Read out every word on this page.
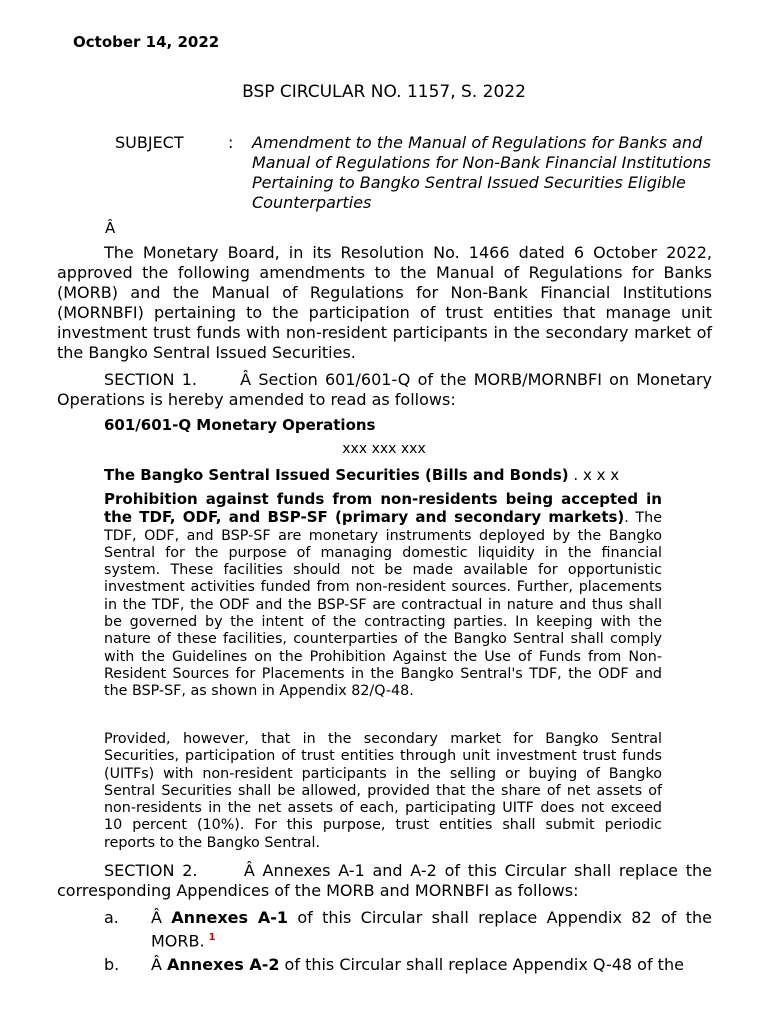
October 14, 2022

BSP CIRCULAR NO. 1157, S. 2022

SUBJECT	: Amendment to the Manual of Regulations for Banks and Manual of Regulations for Non-Bank Financial Institutions Pertaining to Bangko Sentral Issued Securities Eligible Counterparties

Â

The Monetary Board, in its Resolution No. 1466 dated 6 October 2022, approved the following amendments to the Manual of Regulations for Banks (MORB) and the Manual of Regulations for Non-Bank Financial Institutions (MORNBFI) pertaining to the participation of trust entities that manage unit investment trust funds with non-resident participants in the secondary market of the Bangko Sentral Issued Securities.

SECTION 1.      Â Section 601/601-Q of the MORB/MORNBFI on Monetary Operations is hereby amended to read as follows:

601/601-Q Monetary Operations

xxx xxx xxx

The Bangko Sentral Issued Securities (Bills and Bonds) . x x x

Prohibition against funds from non-residents being accepted in the TDF, ODF, and BSP-SF (primary and secondary markets). The TDF, ODF, and BSP-SF are monetary instruments deployed by the Bangko Sentral for the purpose of managing domestic liquidity in the financial system. These facilities should not be made available for opportunistic investment activities funded from non-resident sources. Further, placements in the TDF, the ODF and the BSP-SF are contractual in nature and thus shall be governed by the intent of the contracting parties. In keeping with the nature of these facilities, counterparties of the Bangko Sentral shall comply with the Guidelines on the Prohibition Against the Use of Funds from Non-Resident Sources for Placements in the Bangko Sentral's TDF, the ODF and the BSP-SF, as shown in Appendix 82/Q-48.

Provided, however, that in the secondary market for Bangko Sentral Securities, participation of trust entities through unit investment trust funds (UITFs) with non-resident participants in the selling or buying of Bangko Sentral Securities shall be allowed, provided that the share of net assets of non-residents in the net assets of each, participating UITF does not exceed 10 percent (10%). For this purpose, trust entities shall submit periodic reports to the Bangko Sentral.

SECTION 2.      Â Annexes A-1 and A-2 of this Circular shall replace the corresponding Appendices of the MORB and MORNBFI as follows:

a. Â Annexes A-1 of this Circular shall replace Appendix 82 of the MORB. $^1$
b. Â Annexes A-2 of this Circular shall replace Appendix Q-48 of the
